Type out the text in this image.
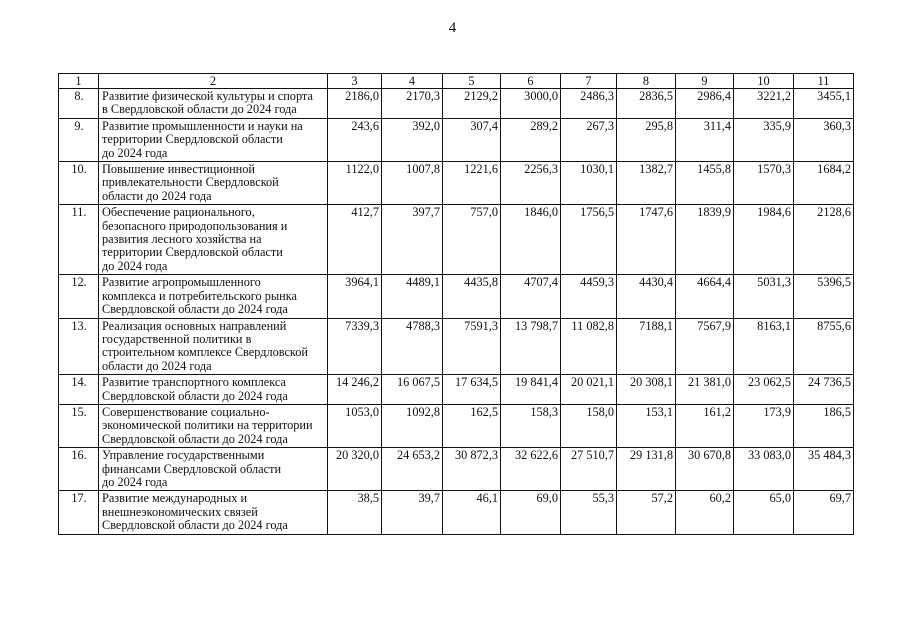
4
1	2	3	4	5	6	7	8	9	10	11
8.	Развитие физической культуры и спорта
в Свердловской области до 2024 года	2186,0	2170,3	2129,2	3000,0	2486,3	2836,5	2986,4	3221,2	3455,1
9.	Развитие промышленности и науки на
территории Свердловской области
до 2024 года	243,6	392,0	307,4	289,2	267,3	295,8	311,4	335,9	360,3
10.	Повышение инвестиционной
привлекательности Свердловской
области до 2024 года	1122,0	1007,8	1221,6	2256,3	1030,1	1382,7	1455,8	1570,3	1684,2
11.	Обеспечение рационального,
безопасного природопользования и
развития лесного хозяйства на
территории Свердловской области
до 2024 года	412,7	397,7	757,0	1846,0	1756,5	1747,6	1839,9	1984,6	2128,6
12.	Развитие агропромышленного
комплекса и потребительского рынка
Свердловской области до 2024 года	3964,1	4489,1	4435,8	4707,4	4459,3	4430,4	4664,4	5031,3	5396,5
13.	Реализация основных направлений
государственной политики в
строительном комплексе Свердловской
области до 2024 года	7339,3	4788,3	7591,3	13 798,7	11 082,8	7188,1	7567,9	8163,1	8755,6
14.	Развитие транспортного комплекса
Свердловской области до 2024 года	14 246,2	16 067,5	17 634,5	19 841,4	20 021,1	20 308,1	21 381,0	23 062,5	24 736,5
15.	Совершенствование социально-
экономической политики на территории
Свердловской области до 2024 года	1053,0	1092,8	162,5	158,3	158,0	153,1	161,2	173,9	186,5
16.	Управление государственными
финансами Свердловской области
до 2024 года	20 320,0	24 653,2	30 872,3	32 622,6	27 510,7	29 131,8	30 670,8	33 083,0	35 484,3
17.	Развитие международных и
внешнеэкономических связей
Свердловской области до 2024 года	38,5	39,7	46,1	69,0	55,3	57,2	60,2	65,0	69,7
